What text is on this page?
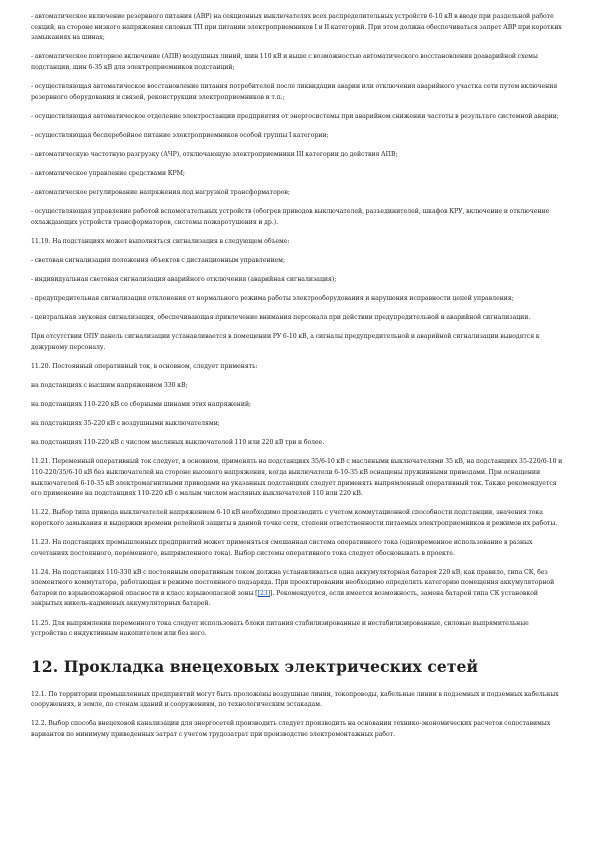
- автоматическое включение резервного питания (АВР) на секционных выключателях всех распределительных устройств 6-10 кВ в вводе при раздельной работе секций, на стороне низкого напряжения силовых ТП при питании электроприемников I и II категорий. При этом должна обеспечиваться запрет АВР при коротких замыканиях на шинах;

- автоматическое повторное включение (АПВ) воздушных линий, шин 110 кВ и выше с возможностью автоматического восстановления доаварийной схемы подстанции, шин 6-35 кВ для электроприемников подстанций;

- осуществляющая автоматическое восстановление питания потребителей после ликвидации аварии или отключения аварийного участка сети путем включения резервного оборудования и связей, реконструкции электроприемников и т.п.;

- осуществляющая автоматическое отделение электростанции предприятия от энергосистемы при аварийном снижении частоты в результате системной аварии;

- осуществляющая бесперебойное питание электроприемников особой группы I категории;

- автоматическую частотную разгрузку (АЧР), отключающую электроприемники III категории до действия АПВ;

- автоматическое управление средствами КРМ;

- автоматическое регулирование напряжения под нагрузкой трансформаторов;

- осуществляющая управление работой вспомогательных устройств (обогрев приводов выключателей, разъединителей, шкафов КРУ, включение и отключение охлаждающих устройств трансформаторов, системы пожаротушения и др.).

11.19. На подстанциях может выполняться сигнализация в следующем объеме:

- световая сигнализация положения объектов с дистанционным управлением;

- индивидуальная световая сигнализация аварийного отключения (аварийная сигнализация);

- предупредительная сигнализация отклонения от нормального режима работы электрооборудования и нарушения исправности цепей управления;

- центральная звуковая сигнализация, обеспечивающая привлечение внимания персонала при действии предупредительной и аварийной сигнализации.

При отсутствии ОПУ панель сигнализации устанавливается в помещении РУ 6-10 кВ, а сигналы предупредительной и аварийной сигнализации выводятся к дежурному персоналу.

11.20. Постоянный оперативный ток, в основном, следует применять:

на подстанциях с высшим напряжением 330 кВ;

на подстанциях 110-220 кВ со сборными шинами этих напряжений;

на подстанциях 35-220 кВ с воздушными выключателями;

на подстанциях 110-220 кВ с числом масляных выключателей 110 или 220 кВ три и более.

11.21. Переменный оперативный ток следует, в основном, применять на подстанциях 35/6-10 кВ с масляными выключателями 35 кВ, на подстанциях 35-220/6-10 и 110-220/35/6-10 кВ без выключателей на стороне высокого напряжения, когда выключатели 6-10-35 кВ оснащены пружинными приводами. При оснащении выключателей 6-10-35 кВ электромагнитными приводами на указанных подстанциях следует применять выпрямленный оперативный ток. Также рекомендуется его применение на подстанциях 110-220 кВ с малым числом масляных выключателей 110 или 220 кВ.

11.22. Выбор типа привода выключателей напряжением 6-10 кВ необходимо производить с учетом коммутационной способности подстанции, значения тока короткого замыкания и выдержки времени релейной защиты в данной точке сети, степени ответственности питаемых электроприемников и режимов их работы.

11.23. На подстанциях промышленных предприятий может применяться смешанная система оперативного тока (одновременное использование в разных сочетаниях постоянного, переменного, выпрямленного тока). Выбор системы оперативного тока следует обосновывать в проекте.

11.24. На подстанциях 110-330 кВ с постоянным оперативным током должна устанавливаться одна аккумуляторная батарея 220 кВ, как правило, типа СК, без элементного коммутатора, работающая в режиме постоянного подзаряда. При проектировании необходимо определять категорию помещения аккумуляторной батареи по взрывопожарной опасности и класс взрывоопасной зоны [[23]]. Рекомендуется, если имеется возможность, замена батарей типа СК установкой закрытых никель-кадмиевых аккумуляторных батарей.

11.25. Для выпрямления переменного тока следует использовать блоки питания стабилизированные и нестабилизированные, силовые выпрямительные устройства с индуктивным накопителем или без него.

12. Прокладка внецеховых электрических сетей

12.1. По территории промышленных предприятий могут быть проложены воздушные линии, токопроводы, кабельные линии в подземных и подземных кабельных сооружениях, в земле, по стенам зданий и сооружениям, по технологическим эстакадам.

12.2. Выбор способа внецеховой канализации для энергосетей производить следует производить на основании технико-экономических расчетов сопоставимых вариантов по минимуму приведенных затрат с учетом трудозатрат при производстве электромонтажных работ.
